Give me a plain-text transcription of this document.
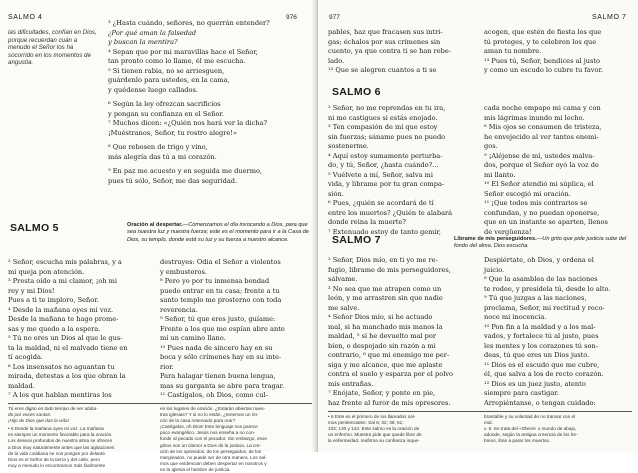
SALMO 4	976
las dificultades, confían en Dios, porque recuerdan cuán a menudo el Señor los ha socorrido en los momentos de angustia.

³ ¿Hasta cuándo, señores, no querrán entender?

¿Por qué aman la falsedad

y buscan la mentira?

⁴ Sepan que por mi maravillas hace el Señor,

tan pronto como lo llame, él me escucha.

⁵ Si tienen rabia, no se arriesguen,

guárdenlo para ustedes, en la cama,

y quédense luego callados.

⁶ Según la ley ofrezcan sacrificios

y pongan su confianza en el Señor.

⁷ Muchos dicen: «¿Quién nos hará ver la dicha?

¡Muéstranos, Señor, tu rostro alegre!»

⁸ Que rebosen de trigo y vino,

más alegría das tú a mi corazón.

⁹ En paz me acuesto y en seguida me duermo,

pues tú sólo, Señor, me das seguridad.

SALMO 5	Oración al despertar.—Comenzamos el día invocando a Dios, para que sea nuestra luz y nuestra fuerza; este es el momento para ir a la Casa de Dios, su templo, donde está su luz y su fuerza a nuestro alcance.

² Señor, escucha mis palabras, y a

mi queja pon atención.

³ Presta oído a mi clamor, ¡oh mi

rey y mi Dios!

Pues a ti te imploro, Señor.

⁴ Desde la mañana oyes mi voz.

Desde la mañana te hago prome-

sas y me quedo a la espera.

⁵ Tú no eres un Dios al que le gus-

ta la maldad, ni el malvado tiene en

tí acogida.

⁶ Los insensatos no aguantan tu

mirada, detestas a los que obran la

maldad.

⁷ A los que hablan mentiras los

destruyes: Odia el Señor a violentos

y embusteros.

⁸ Pero yo por tu inmensa bondad

puedo entrar en tu casa; frente a tu

santo templo me prosterno con toda

reverencia.

⁹ Señor, tú que eres justo, guíame:

Frente a los que me espían abre ante

mí un camino llano.

¹⁰ Pues nada de sincero hay en su

boca y sólo crímenes hay en su inte-

rior.

Para halagar tienen buena lengua,

mas su garganta se abre para tragar.

¹¹ Castígalos, oh Dios, como cul-

Tú eres digno en todo tiempo de ser alaba-

do por voces santas.

¡Hijo de Dios que das la vida!

• 5 Desde la mañana oyes mi voz. La mañana

es siempre un momento favorable para la oración.

Los deseos profundos de nuestra alma se ofrecen

a Dios muy naturalmente antes que las agitaciones

de la vida cotidiana se nos pongan por delante.

Dios es el Señor de la tierra y del cielo, pero

muy a menudo lo encontramos más fácilmente

en los lugares de oración. ¿Estarán abiertas nues-

tras iglesias? Y si no lo están, ¿tenemos un rin-

cón de la casa reservado para orar?

¡Castígalos, oh Dios! Este lenguaje nos parece

poco evangélico. Jesús nos enseña a no con-

fundir al pecado con el pecador. Sin embargo, esos

gritos son un clamor a Dios de la justicia. La cre-

ción de los oprimidos, de los perseguidos, de los

marginados, no puede ser de otra manera. Los sal-

mos que evidencian deben despertar en nosotros y

en la Iglesia el hambre de justicia.

977	SALMO 7

pables, haz que fracasen sus intri-

gas; échalos por sus crímenes sin

cuento, ya que contra ti se han rebe-

lado.

¹² Que se alegren cuantos a ti se

acogen, que estén de fiesta los que

tú proteges, y te celebren los que

aman tu nombre.

¹³ Pues tú, Señor, bendices al justo

y como un escudo lo cubre tu favor.

SALMO 6

² Señor, no me reprendas en tu ira,

ni me castigues si estás enojado.

³ Ten compasión de mí que estoy

sin fuerzas; sáname pues no puedo

sostenerme.

⁴ Aquí estoy sumamente perturba-

do, y tú, Señor, ¿hasta cuándo?...

⁵ Vuélvete a mí, Señor, salva mi

vida, y librame por tu gran compa-

sión.

⁶ Pues, ¿quién se acordará de tí

entre los muertos? ¿Quién te alabará

donde reina la muerte?

⁷ Extenuado estoy de tanto gemir,

cada noche empapo mi cama y con

mis lágrimas inundo mi lecho.

⁸ Mis ojos se consumen de tristeza,

he envejecido al ver tantos enemi-

gos.

⁹ ¡Aléjense de mí, ustedes malva-

dos, porque el Señor oyó la voz de

mi llanto.

¹⁰ El Señor atendió mi súplica, el

Señor escogió mi oración.

¹¹ ¡Que todos mis contrarios se

confundan, y no puedan oponerse,

que en un instante se aparten, llenos

de vergüenza!

SALMO 7	Librame de mis perseguidores.—Un grito que pide justicia sube del fondo del alma. Dios escucha.

² Señor, Dios mío, en ti yo me re-

fugio, librame de mis perseguidores,

sálvame.

³ No sea que me atrapen como un

león, y me arrastren sin que nadie

me salve.

⁴ Señor Dios mío, si he actuado

mal, si ha manchado mis manos la

maldad, ⁵ si he devuelto mal por

bien, o despojado sin razón a mi

contrario, ⁶ que mi enemigo me per-

siga y me alcance, que me aplaste

contra el suelo y esparza por el polvo

mis entrañas.

⁷ Enójate, Señor, y ponte en pie,

haz frente al furor de mis opresores.

Despiértate, oh Dios, y ordena el

juicio.

⁸ Que la asamblea de las naciones

te rodee, y presídela tú, desde lo alto.

⁹ Tú que juzgas a las naciones,

proclama, Señor, mi rectitud y reco-

noce mi inocencia.

¹⁰ Pon fin a la maldad y a los mal-

vados, y fortalece tú al justo, pues

les mentes y los corazones tú son-

deas, tú que eres un Dios justo.

¹¹ Dios es el escudo que me cubre,

él, que salva a los de recto corazón.

¹² Dios es un juez justo, atento

siempre para castigar.

Arrepiéntanse, o tengan cuidado:

• 6 Este es el primero de los llamados sal-

mos penitenciales: Sal 6; 32; 38; 51;

102; 130 y 143. Este salmo es la oración de

un enfermo. Muestra pide que quede libre de

la enfermedad, reafirma su confianza inque-

brantable y su voluntad de no transar con el

mal.

v. 6. Se trata del «Sheol» o mundo de abajo,

adonde, según la antigua creencia de los he-

breos, iban a parar los muertos.
